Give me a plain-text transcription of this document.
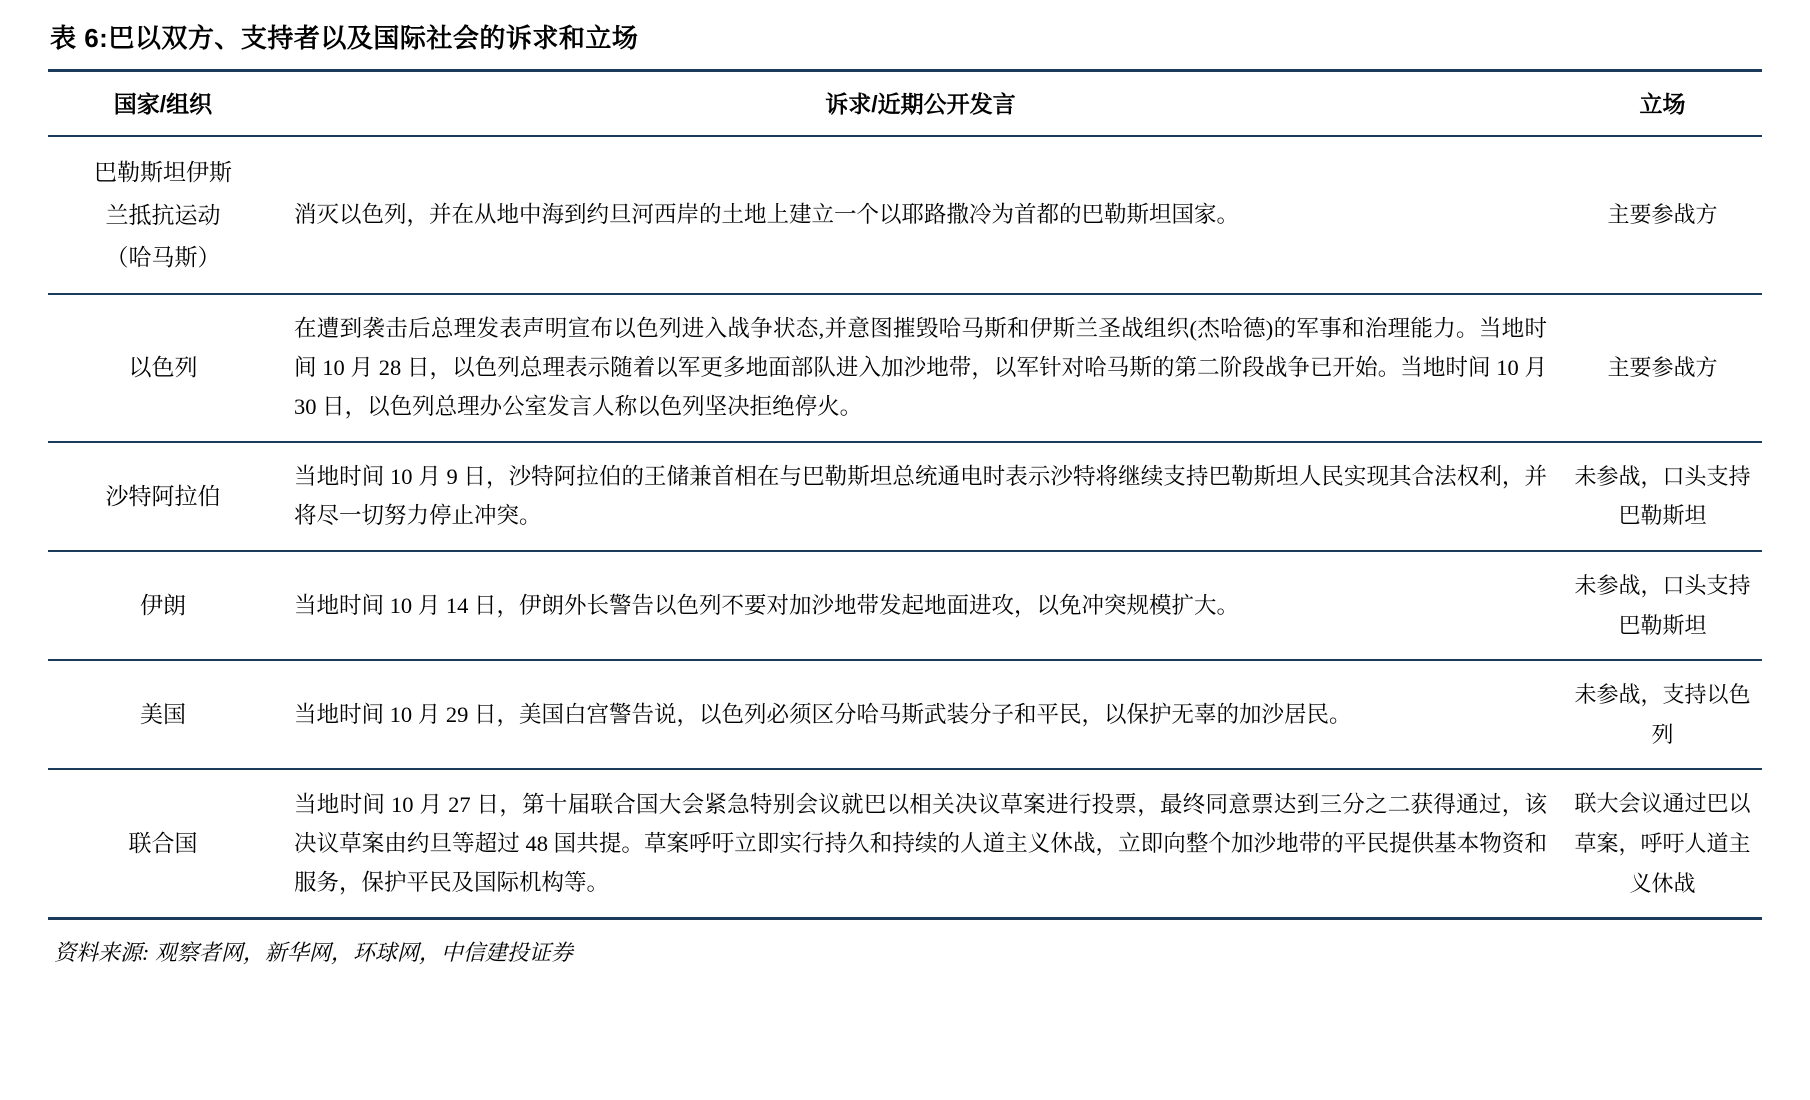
表 6:巴以双方、支持者以及国际社会的诉求和立场
国家/组织	诉求/近期公开发言	立场
巴勒斯坦伊斯
兰抵抗运动
（哈马斯）	消灭以色列，并在从地中海到约旦河西岸的土地上建立一个以耶路撒冷为首都的巴勒斯坦国家。	主要参战方
以色列	在遭到袭击后总理发表声明宣布以色列进入战争状态,并意图摧毁哈马斯和伊斯兰圣战组织(杰哈德)的军事和治理能力。当地时间 10 月 28 日，以色列总理表示随着以军更多地面部队进入加沙地带，以军针对哈马斯的第二阶段战争已开始。当地时间 10 月 30 日，以色列总理办公室发言人称以色列坚决拒绝停火。	主要参战方
沙特阿拉伯	当地时间 10 月 9 日，沙特阿拉伯的王储兼首相在与巴勒斯坦总统通电时表示沙特将继续支持巴勒斯坦人民实现其合法权利，并将尽一切努力停止冲突。	未参战，口头支持巴勒斯坦
伊朗	当地时间 10 月 14 日，伊朗外长警告以色列不要对加沙地带发起地面进攻，以免冲突规模扩大。	未参战，口头支持巴勒斯坦
美国	当地时间 10 月 29 日，美国白宫警告说，以色列必须区分哈马斯武装分子和平民，以保护无辜的加沙居民。	未参战，支持以色列
联合国	当地时间 10 月 27 日，第十届联合国大会紧急特别会议就巴以相关决议草案进行投票，最终同意票达到三分之二获得通过，该决议草案由约旦等超过 48 国共提。草案呼吁立即实行持久和持续的人道主义休战，立即向整个加沙地带的平民提供基本物资和服务，保护平民及国际机构等。	联大会议通过巴以草案，呼吁人道主义休战
资料来源: 观察者网，新华网，环球网，中信建投证券
